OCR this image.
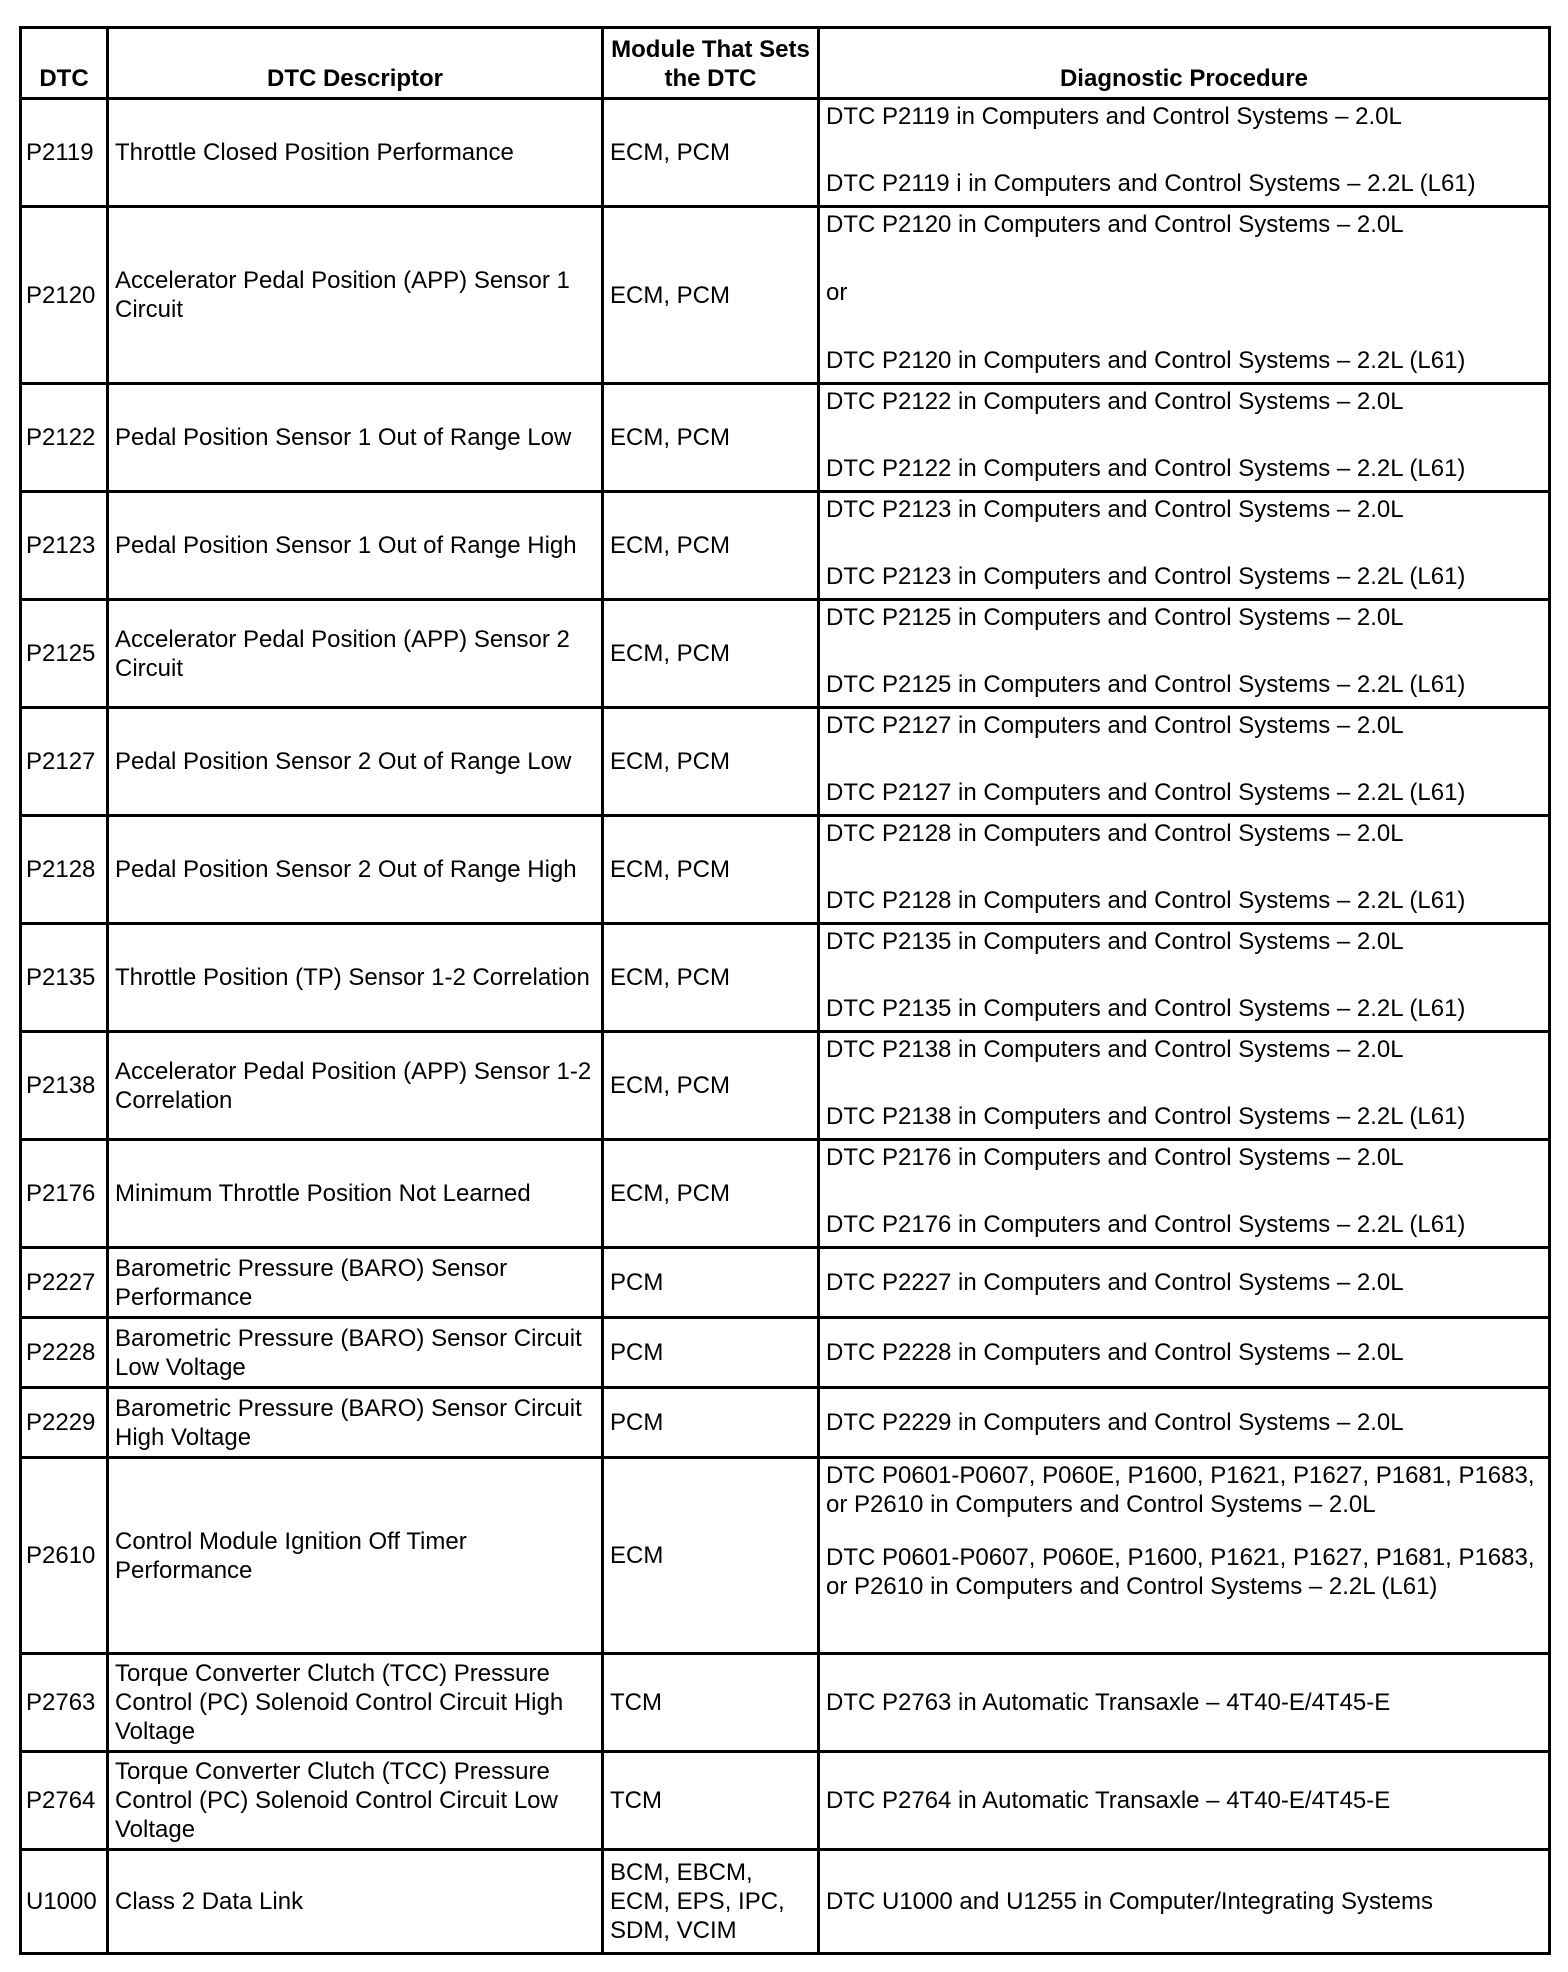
DTC	DTC Descriptor	Module That Sets the DTC	Diagnostic Procedure
P2119	Throttle Closed Position Performance	ECM, PCM	DTC P2119 in Computers and Control Systems – 2.0L
DTC P2119 i in Computers and Control Systems – 2.2L (L61)

P2120	Accelerator Pedal Position (APP) Sensor 1 Circuit	ECM, PCM	DTC P2120 in Computers and Control Systems – 2.0L
or
DTC P2120 in Computers and Control Systems – 2.2L (L61)

P2122	Pedal Position Sensor 1 Out of Range Low	ECM, PCM	DTC P2122 in Computers and Control Systems – 2.0L
DTC P2122 in Computers and Control Systems – 2.2L (L61)

P2123	Pedal Position Sensor 1 Out of Range High	ECM, PCM	DTC P2123 in Computers and Control Systems – 2.0L
DTC P2123 in Computers and Control Systems – 2.2L (L61)

P2125	Accelerator Pedal Position (APP) Sensor 2 Circuit	ECM, PCM	DTC P2125 in Computers and Control Systems – 2.0L
DTC P2125 in Computers and Control Systems – 2.2L (L61)

P2127	Pedal Position Sensor 2 Out of Range Low	ECM, PCM	DTC P2127 in Computers and Control Systems – 2.0L
DTC P2127 in Computers and Control Systems – 2.2L (L61)

P2128	Pedal Position Sensor 2 Out of Range High	ECM, PCM	DTC P2128 in Computers and Control Systems – 2.0L
DTC P2128 in Computers and Control Systems – 2.2L (L61)

P2135	Throttle Position (TP) Sensor 1-2 Correlation	ECM, PCM	DTC P2135 in Computers and Control Systems – 2.0L
DTC P2135 in Computers and Control Systems – 2.2L (L61)

P2138	Accelerator Pedal Position (APP) Sensor 1-2 Correlation	ECM, PCM	DTC P2138 in Computers and Control Systems – 2.0L
DTC P2138 in Computers and Control Systems – 2.2L (L61)

P2176	Minimum Throttle Position Not Learned	ECM, PCM	DTC P2176 in Computers and Control Systems – 2.0L
DTC P2176 in Computers and Control Systems – 2.2L (L61)

P2227	Barometric Pressure (BARO) Sensor Performance	PCM	DTC P2227 in Computers and Control Systems – 2.0L

P2228	Barometric Pressure (BARO) Sensor Circuit Low Voltage	PCM	DTC P2228 in Computers and Control Systems – 2.0L

P2229	Barometric Pressure (BARO) Sensor Circuit High Voltage	PCM	DTC P2229 in Computers and Control Systems – 2.0L

P2610	Control Module Ignition Off Timer Performance	ECM	DTC P0601-P0607, P060E, P1600, P1621, P1627, P1681, P1683, or P2610 in Computers and Control Systems – 2.0L
DTC P0601-P0607, P060E, P1600, P1621, P1627, P1681, P1683, or P2610 in Computers and Control Systems – 2.2L (L61)

P2763	Torque Converter Clutch (TCC) Pressure Control (PC) Solenoid Control Circuit High Voltage	TCM	DTC P2763 in Automatic Transaxle – 4T40-E/4T45-E

P2764	Torque Converter Clutch (TCC) Pressure Control (PC) Solenoid Control Circuit Low Voltage	TCM	DTC P2764 in Automatic Transaxle – 4T40-E/4T45-E

U1000	Class 2 Data Link	BCM, EBCM, ECM, EPS, IPC, SDM, VCIM	DTC U1000 and U1255 in Computer/Integrating Systems
